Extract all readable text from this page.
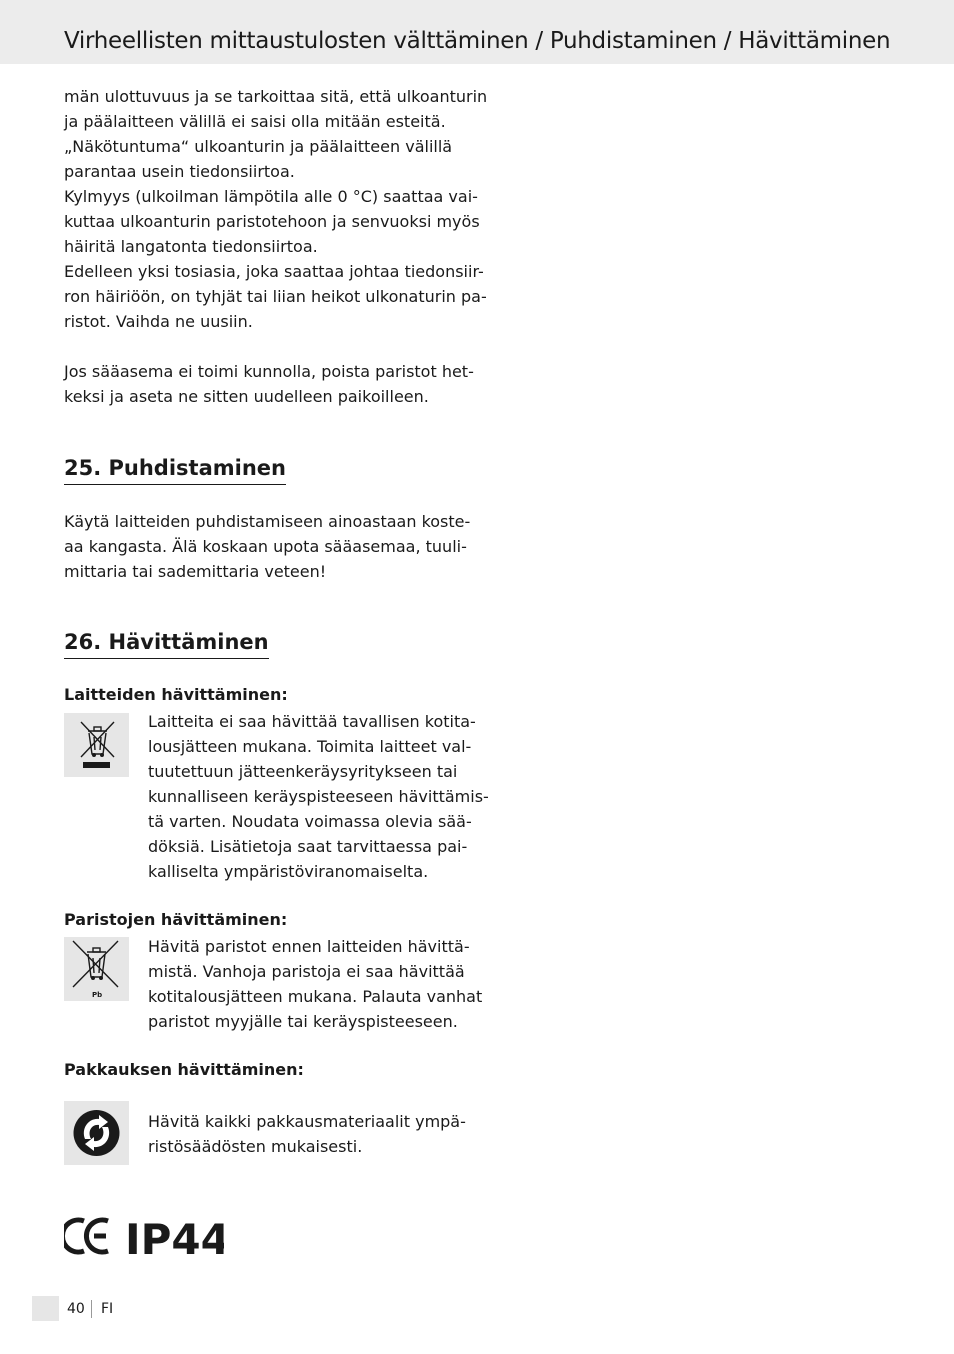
Virheellisten mittaustulosten välttäminen / Puhdistaminen / Hävittäminen

män ulottuvuus ja se tarkoittaa sitä, että ulkoanturin
ja päälaitteen välillä ei saisi olla mitään esteitä.
„Näkötuntuma“ ulkoanturin ja päälaitteen välillä
parantaa usein tiedonsiirtoa.
Kylmyys (ulkoilman lämpötila alle 0 °C) saattaa vai-
kuttaa ulkoanturin paristotehoon ja senvuoksi myös
häiritä langatonta tiedonsiirtoa.
Edelleen yksi tosiasia, joka saattaa johtaa tiedonsiir-
ron häiriöön, on tyhjät tai liian heikot ulkonaturin pa-
ristot. Vaihda ne uusiin.

Jos sääasema ei toimi kunnolla, poista paristot het-
keksi ja aseta ne sitten uudelleen paikoilleen.

25. Puhdistaminen

Käytä laitteiden puhdistamiseen ainoastaan koste-
aa kangasta. Älä koskaan upota sääasemaa, tuuli-
mittaria tai sademittaria veteen!

26. Hävittäminen
Laitteiden hävittäminen:

Laitteita ei saa hävittää tavallisen kotita-
lousjätteen mukana. Toimita laitteet val-
tuutettuun jätteenkeräysyritykseen tai
kunnalliseen keräyspisteeseen hävittämis-
tä varten. Noudata voimassa olevia sää-
döksiä. Lisätietoja saat tarvittaessa pai-
kalliselta ympäristöviranomaiselta.

Paristojen hävittäminen:
Pb

Hävitä paristot ennen laitteiden hävittä-
mistä. Vanhoja paristoja ei saa hävittää
kotitalousjätteen mukana. Palauta vanhat
paristot myyjälle tai keräyspisteeseen.

Pakkauksen hävittäminen:

Hävitä kaikki pakkausmateriaalit ympä-
ristösäädösten mukaisesti.

IP44
40 FI
